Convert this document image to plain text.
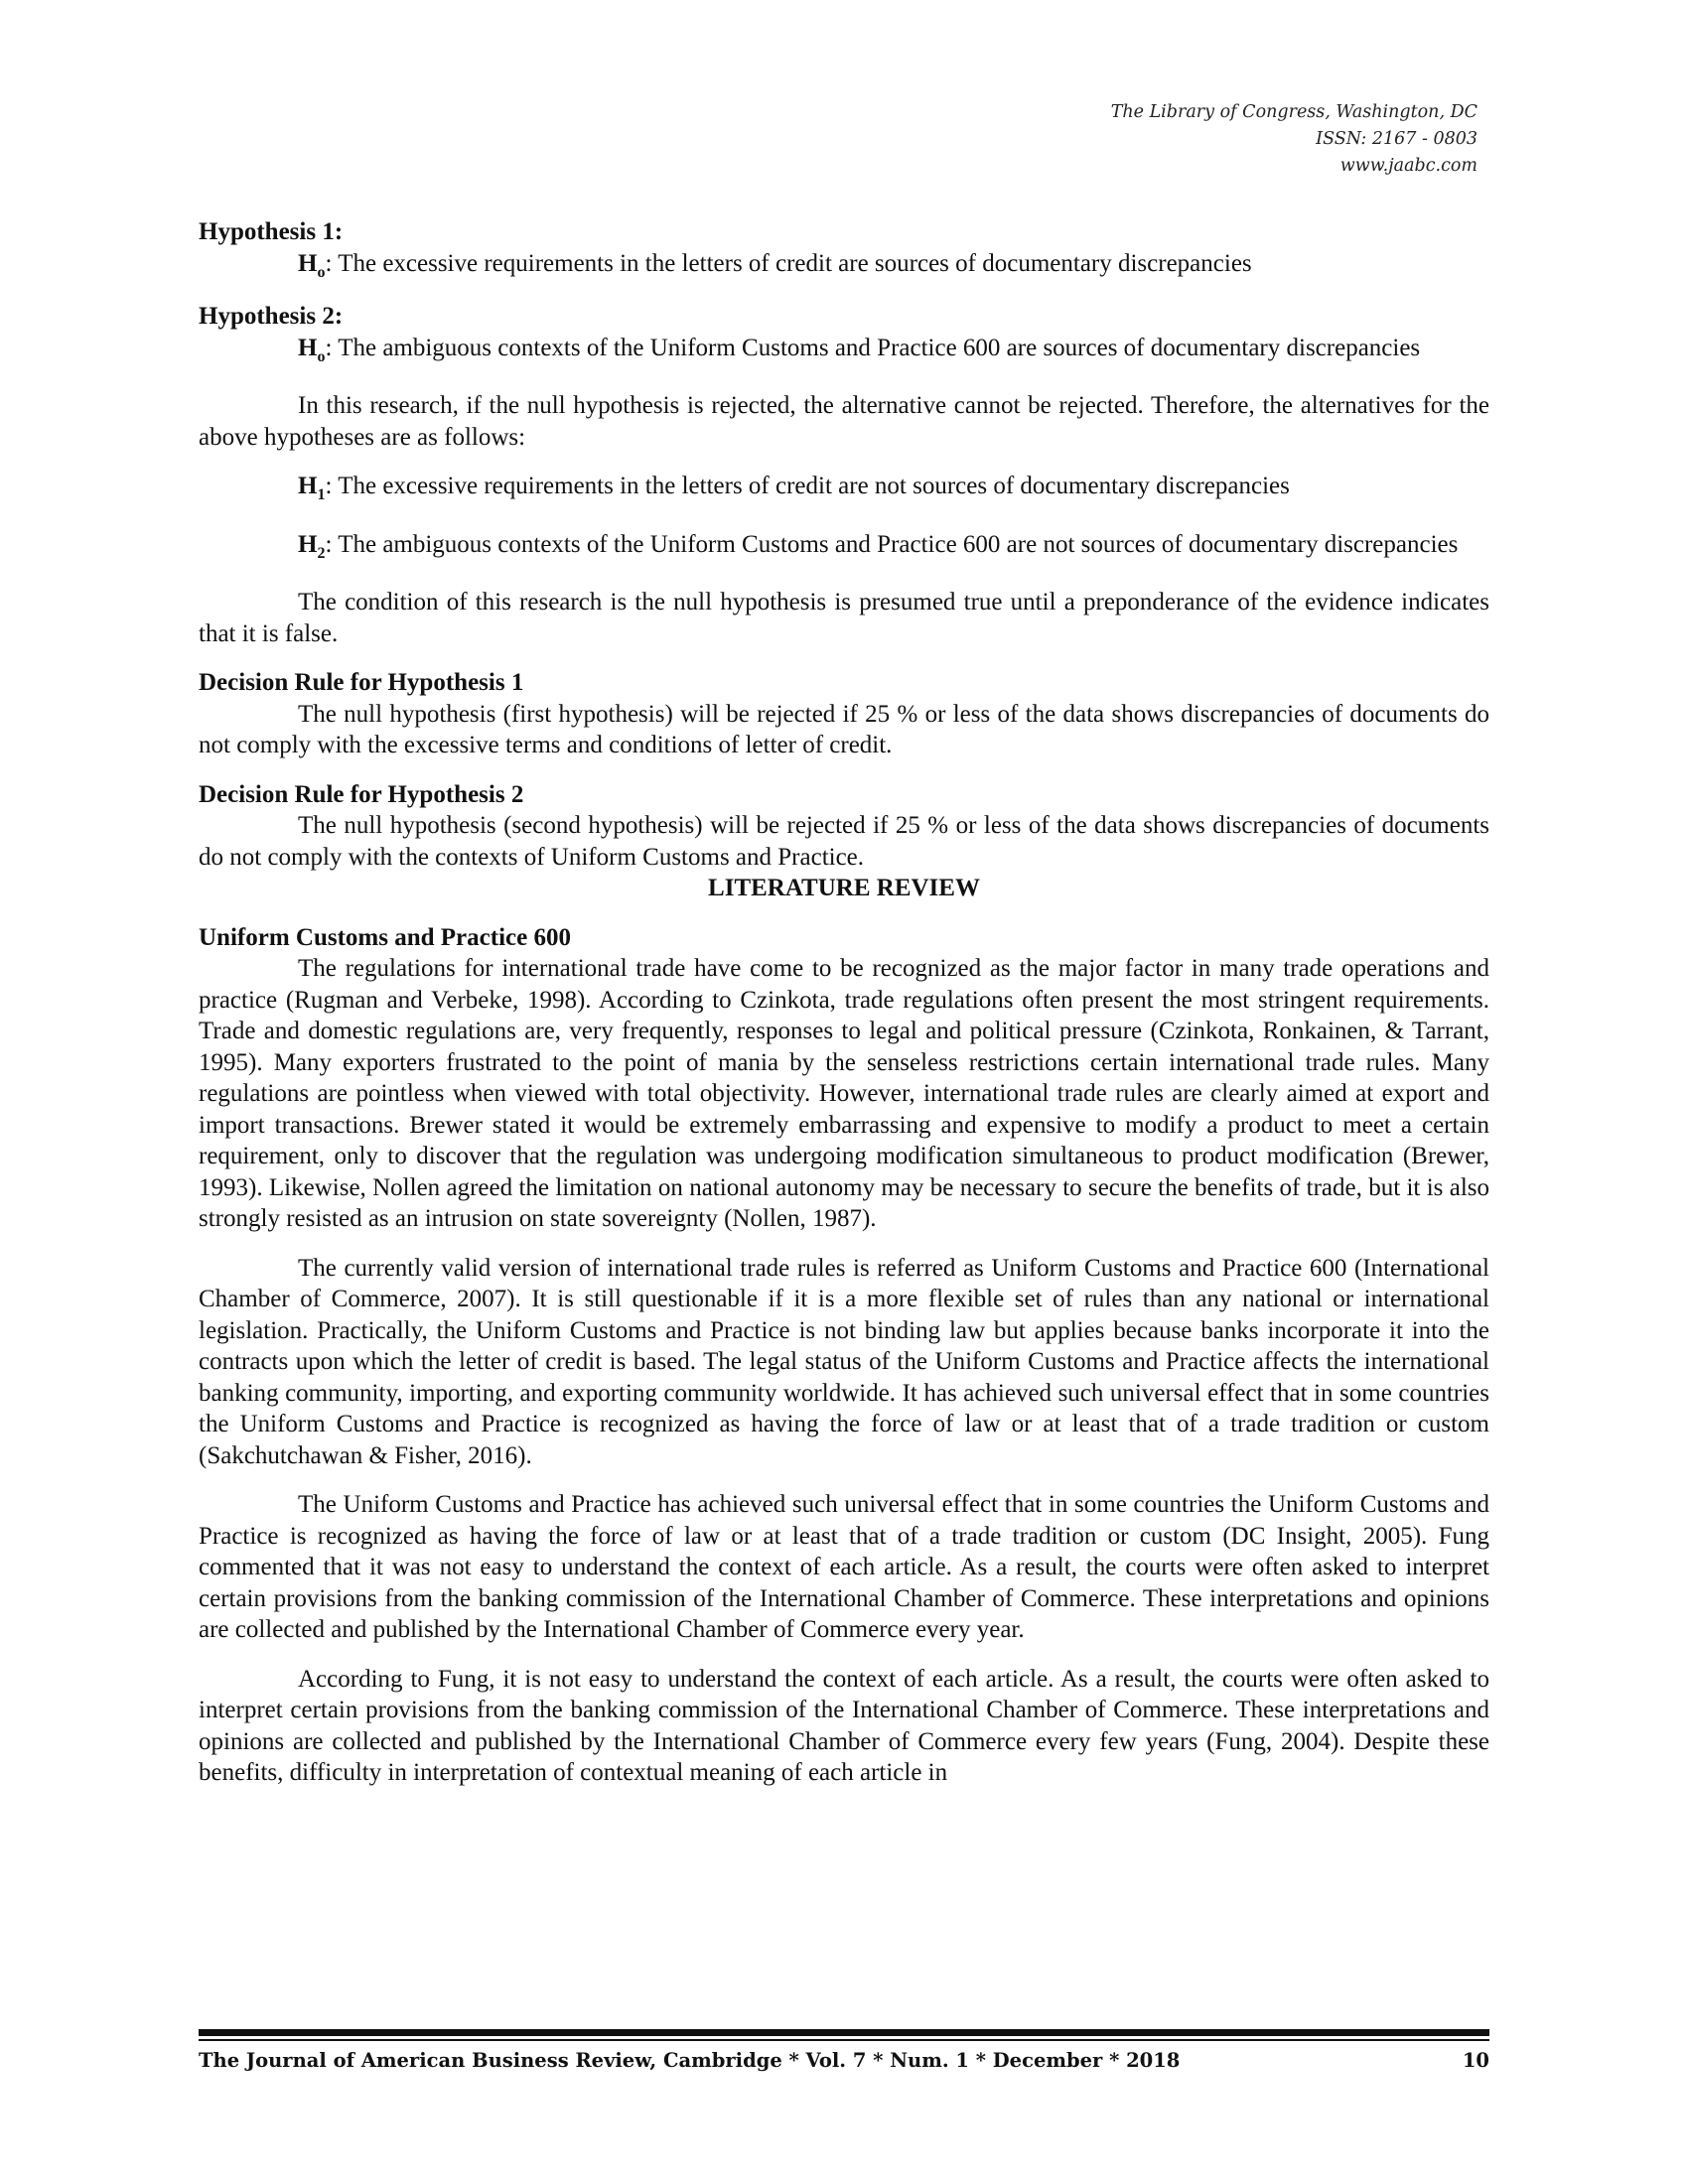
The Library of Congress, Washington, DC
ISSN: 2167 - 0803
www.jaabc.com

Hypothesis 1:

$H_o$: The excessive requirements in the letters of credit are sources of documentary discrepancies

Hypothesis 2:

$H_o$: The ambiguous contexts of the Uniform Customs and Practice 600 are sources of documentary discrepancies

In this research, if the null hypothesis is rejected, the alternative cannot be rejected. Therefore, the alternatives for the above hypotheses are as follows:

$H_1$: The excessive requirements in the letters of credit are not sources of documentary discrepancies

$H_2$: The ambiguous contexts of the Uniform Customs and Practice 600 are not sources of documentary discrepancies

The condition of this research is the null hypothesis is presumed true until a preponderance of the evidence indicates that it is false.

Decision Rule for Hypothesis 1

The null hypothesis (first hypothesis) will be rejected if 25 % or less of the data shows discrepancies of documents do not comply with the excessive terms and conditions of letter of credit.

Decision Rule for Hypothesis 2

The null hypothesis (second hypothesis) will be rejected if 25 % or less of the data shows discrepancies of documents do not comply with the contexts of Uniform Customs and Practice.

LITERATURE REVIEW

Uniform Customs and Practice 600

The regulations for international trade have come to be recognized as the major factor in many trade operations and practice (Rugman and Verbeke, 1998). According to Czinkota, trade regulations often present the most stringent requirements. Trade and domestic regulations are, very frequently, responses to legal and political pressure (Czinkota, Ronkainen, & Tarrant, 1995). Many exporters frustrated to the point of mania by the senseless restrictions certain international trade rules. Many regulations are pointless when viewed with total objectivity. However, international trade rules are clearly aimed at export and import transactions. Brewer stated it would be extremely embarrassing and expensive to modify a product to meet a certain requirement, only to discover that the regulation was undergoing modification simultaneous to product modification (Brewer, 1993). Likewise, Nollen agreed the limitation on national autonomy may be necessary to secure the benefits of trade, but it is also strongly resisted as an intrusion on state sovereignty (Nollen, 1987).

The currently valid version of international trade rules is referred as Uniform Customs and Practice 600 (International Chamber of Commerce, 2007). It is still questionable if it is a more flexible set of rules than any national or international legislation. Practically, the Uniform Customs and Practice is not binding law but applies because banks incorporate it into the contracts upon which the letter of credit is based. The legal status of the Uniform Customs and Practice affects the international banking community, importing, and exporting community worldwide. It has achieved such universal effect that in some countries the Uniform Customs and Practice is recognized as having the force of law or at least that of a trade tradition or custom (Sakchutchawan & Fisher, 2016).

The Uniform Customs and Practice has achieved such universal effect that in some countries the Uniform Customs and Practice is recognized as having the force of law or at least that of a trade tradition or custom (DC Insight, 2005). Fung commented that it was not easy to understand the context of each article. As a result, the courts were often asked to interpret certain provisions from the banking commission of the International Chamber of Commerce. These interpretations and opinions are collected and published by the International Chamber of Commerce every year.

According to Fung, it is not easy to understand the context of each article. As a result, the courts were often asked to interpret certain provisions from the banking commission of the International Chamber of Commerce. These interpretations and opinions are collected and published by the International Chamber of Commerce every few years (Fung, 2004). Despite these benefits, difficulty in interpretation of contextual meaning of each article in

The Journal of American Business Review, Cambridge * Vol. 7 * Num. 1 * December * 2018	10
